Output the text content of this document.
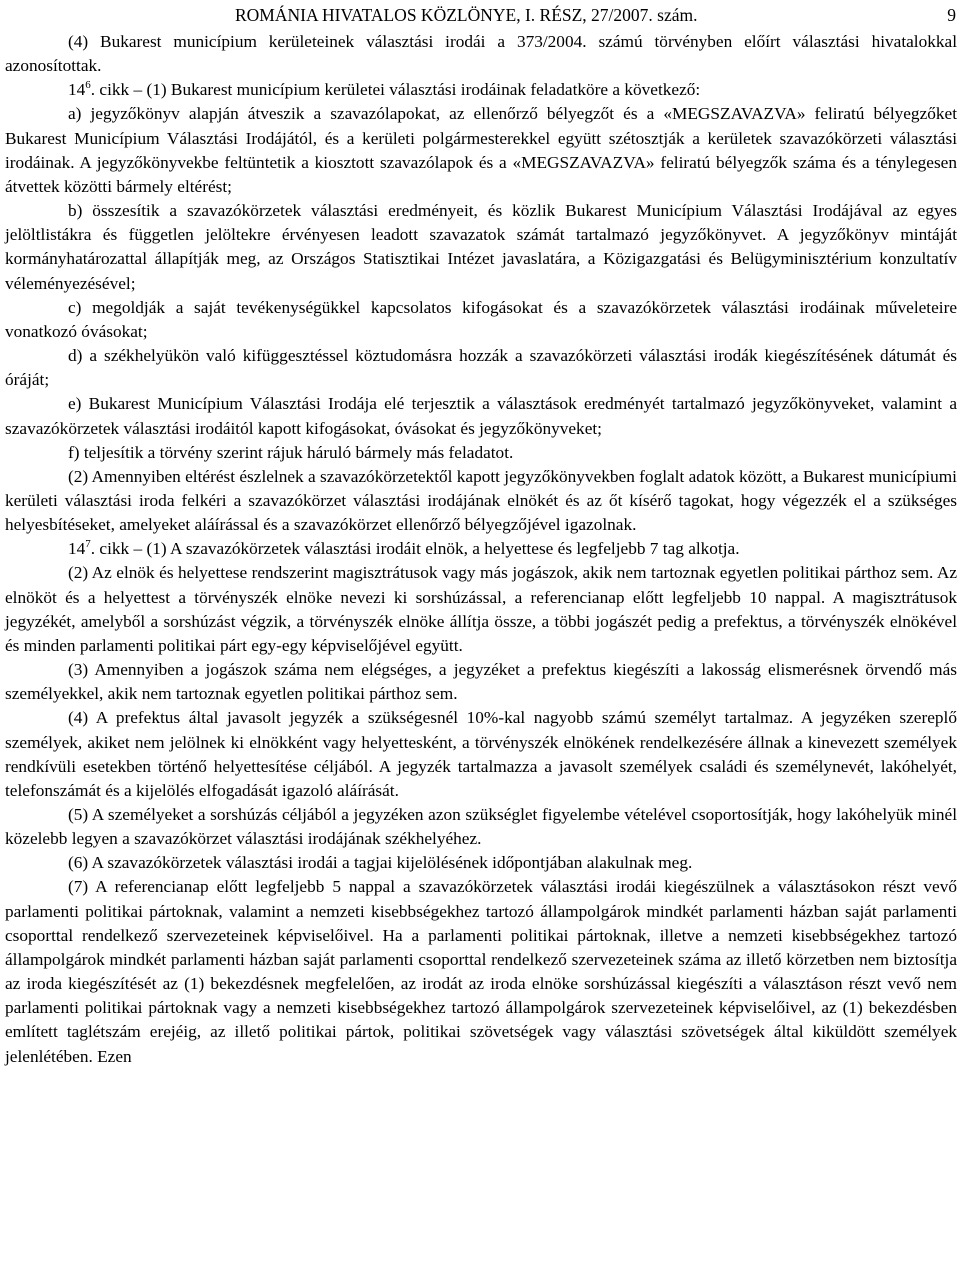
ROMÁNIA HIVATALOS KÖZLÖNYE, I. RÉSZ, 27/2007. szám.	9

(4) Bukarest municípium kerületeinek választási irodái a 373/2004. számú törvényben előírt választási hivatalokkal azonosítottak.

$14^6$. cikk – (1) Bukarest municípium kerületei választási irodáinak feladatköre a következő:

a) jegyzőkönyv alapján átveszik a szavazólapokat, az ellenőrző bélyegzőt és a «MEGSZAVAZVA» feliratú bélyegzőket Bukarest Municípium Választási Irodájától, és a kerületi polgármesterekkel együtt szétosztják a kerületek szavazókörzeti választási irodáinak. A jegyzőkönyvekbe feltüntetik a kiosztott szavazólapok és a «MEGSZAVAZVA» feliratú bélyegzők száma és a ténylegesen átvettek közötti bármely eltérést;

b) összesítik a szavazókörzetek választási eredményeit, és közlik Bukarest Municípium Választási Irodájával az egyes jelöltlistákra és független jelöltekre érvényesen leadott szavazatok számát tartalmazó jegyzőkönyvet. A jegyzőkönyv mintáját kormányhatározattal állapítják meg, az Országos Statisztikai Intézet javaslatára, a Közigazgatási és Belügyminisztérium konzultatív véleményezésével;

c) megoldják a saját tevékenységükkel kapcsolatos kifogásokat és a szavazókörzetek választási irodáinak műveleteire vonatkozó óvásokat;

d) a székhelyükön való kifüggesztéssel köztudomásra hozzák a szavazókörzeti választási irodák kiegészítésének dátumát és óráját;

e) Bukarest Municípium Választási Irodája elé terjesztik a választások eredményét tartalmazó jegyzőkönyveket, valamint a szavazókörzetek választási irodáitól kapott kifogásokat, óvásokat és jegyzőkönyveket;

f) teljesítik a törvény szerint rájuk háruló bármely más feladatot.

(2) Amennyiben eltérést észlelnek a szavazókörzetektől kapott jegyzőkönyvekben foglalt adatok között, a Bukarest municípiumi kerületi választási iroda felkéri a szavazókörzet választási irodájának elnökét és az őt kísérő tagokat, hogy végezzék el a szükséges helyesbítéseket, amelyeket aláírással és a szavazókörzet ellenőrző bélyegzőjével igazolnak.

$14^7$. cikk – (1) A szavazókörzetek választási irodáit elnök, a helyettese és legfeljebb 7 tag alkotja.

(2) Az elnök és helyettese rendszerint magisztrátusok vagy más jogászok, akik nem tartoznak egyetlen politikai párthoz sem. Az elnököt és a helyettest a törvényszék elnöke nevezi ki sorshúzással, a referencianap előtt legfeljebb 10 nappal. A magisztrátusok jegyzékét, amelyből a sorshúzást végzik, a törvényszék elnöke állítja össze, a többi jogászét pedig a prefektus, a törvényszék elnökével és minden parlamenti politikai párt egy-egy képviselőjével együtt.

(3) Amennyiben a jogászok száma nem elégséges, a jegyzéket a prefektus kiegészíti a lakosság elismerésnek örvendő más személyekkel, akik nem tartoznak egyetlen politikai párthoz sem.

(4) A prefektus által javasolt jegyzék a szükségesnél 10%-kal nagyobb számú személyt tartalmaz. A jegyzéken szereplő személyek, akiket nem jelölnek ki elnökként vagy helyettesként, a törvényszék elnökének rendelkezésére állnak a kinevezett személyek rendkívüli esetekben történő helyettesítése céljából. A jegyzék tartalmazza a javasolt személyek családi és személynevét, lakóhelyét, telefonszámát és a kijelölés elfogadását igazoló aláírását.

(5) A személyeket a sorshúzás céljából a jegyzéken azon szükséglet figyelembe vételével csoportosítják, hogy lakóhelyük minél közelebb legyen a szavazókörzet választási irodájának székhelyéhez.

(6) A szavazókörzetek választási irodái a tagjai kijelölésének időpontjában alakulnak meg.

(7) A referencianap előtt legfeljebb 5 nappal a szavazókörzetek választási irodái kiegészülnek a választásokon részt vevő parlamenti politikai pártoknak, valamint a nemzeti kisebbségekhez tartozó állampolgárok mindkét parlamenti házban saját parlamenti csoporttal rendelkező szervezeteinek képviselőivel. Ha a parlamenti politikai pártoknak, illetve a nemzeti kisebbségekhez tartozó állampolgárok mindkét parlamenti házban saját parlamenti csoporttal rendelkező szervezeteinek száma az illető körzetben nem biztosítja az iroda kiegészítését az (1) bekezdésnek megfelelően, az irodát az iroda elnöke sorshúzással kiegészíti a választáson részt vevő nem parlamenti politikai pártoknak vagy a nemzeti kisebbségekhez tartozó állampolgárok szervezeteinek képviselőivel, az (1) bekezdésben említett taglétszám erejéig, az illető politikai pártok, politikai szövetségek vagy választási szövetségek által kiküldött személyek jelenlétében. Ezen
